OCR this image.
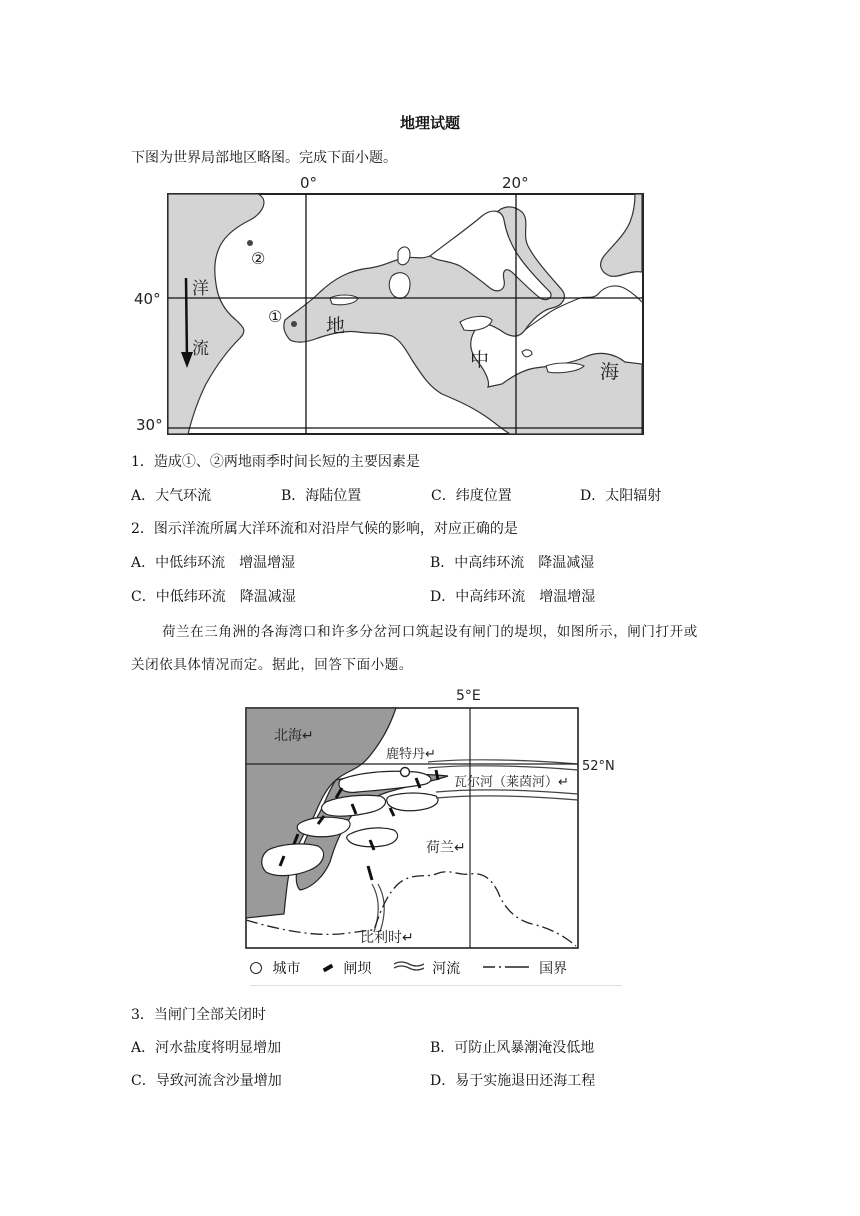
地理试题
下图为世界局部地区略图。完成下面小题。
0°	20°
40°
30°
洋
流
②
① 地
中
海
1．造成①、②两地雨季时间长短的主要因素是
A．大气环流	B．海陆位置	C．纬度位置	D．太阳辐射
2．图示洋流所属大洋环流和对沿岸气候的影响，对应正确的是
A．中低纬环流　增温增湿	B．中高纬环流　降温减湿
C．中低纬环流　降温减湿	D．中高纬环流　增温增湿
荷兰在三角洲的各海湾口和许多分岔河口筑起设有闸门的堤坝，如图所示，闸门打开或
关闭依具体情况而定。据此，回答下面小题。
5°E
52°N
北海↵
鹿特丹↵
瓦尔河（莱茵河）↵
荷兰↵
比利时↵
城市	闸坝	河流	国界
3．当闸门全部关闭时
A．河水盐度将明显增加	B．可防止风暴潮淹没低地
C．导致河流含沙量增加	D．易于实施退田还海工程
